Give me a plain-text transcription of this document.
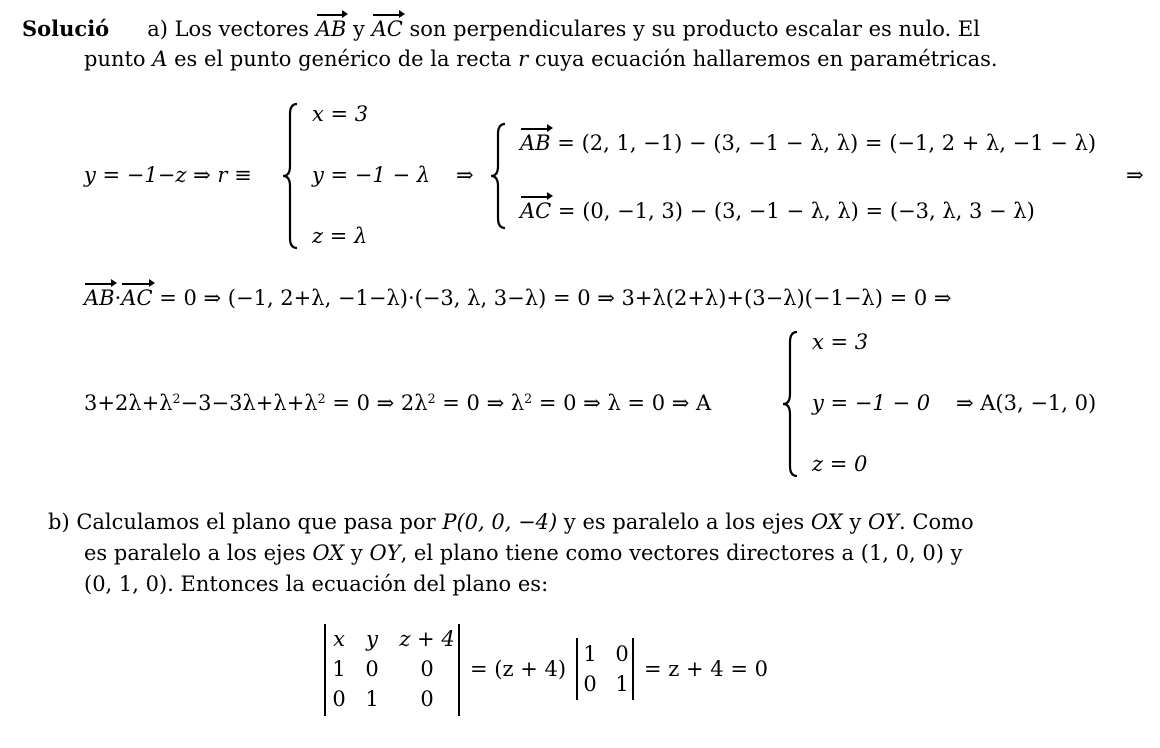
Solució a) Los vectores AB y AC son perpendiculares y su producto escalar es nulo. El
punto A es el punto genérico de la recta r cuya ecuación hallaremos en paramétricas.
y = −1−z ⇒ r ≡
x = 3
y = −1 − λ
z = λ
⇒
AB = (2, 1, −1) − (3, −1 − λ, λ) = (−1, 2 + λ, −1 − λ)
AC = (0, −1, 3) − (3, −1 − λ, λ) = (−3, λ, 3 − λ)
⇒
AB·AC = 0 ⇒ (−1, 2+λ, −1−λ)·(−3, λ, 3−λ) = 0 ⇒ 3+λ(2+λ)+(3−λ)(−1−λ) = 0 ⇒
$3+2\lambda+\lambda^2-3-3\lambda+\lambda+\lambda^2 = 0$ ⇒ $2\lambda^2 = 0$ ⇒ $\lambda^2 = 0$ ⇒ λ = 0 ⇒ A
x = 3
y = −1 − 0
z = 0
⇒ A(3, −1, 0)
b) Calculamos el plano que pasa por P(0, 0, −4) y es paralelo a los ejes OX y OY. Como
es paralelo a los ejes OX y OY, el plano tiene como vectores directores a (1, 0, 0) y
(0, 1, 0). Entonces la ecuación del plano es:
x	y	z + 4
1 0	0
0 1	0
= (z + 4)
1 0
0 1
= z + 4 = 0
